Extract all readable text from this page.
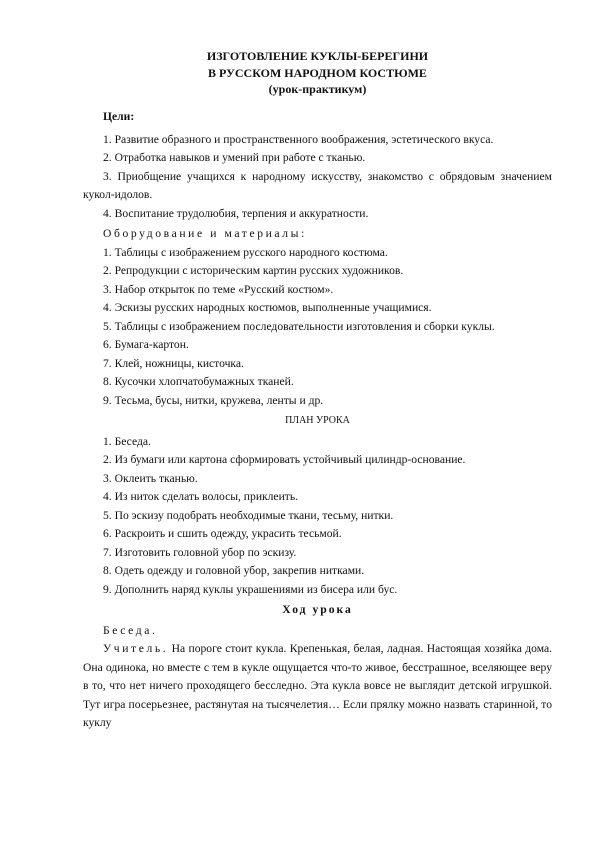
ИЗГОТОВЛЕНИЕ КУКЛЫ-БЕРЕГИНИ
В РУССКОМ НАРОДНОМ КОСТЮМЕ
(урок-практикум)
Цели:
1. Развитие образного и пространственного воображения, эстетического вкуса.
2. Отработка навыков и умений при работе с тканью.
3. Приобщение учащихся к народному искусству, знакомство с обрядовым значением кукол-идолов.
4. Воспитание трудолюбия, терпения и аккуратности.
Оборудование и материалы:
1. Таблицы с изображением русского народного костюма.
2. Репродукции с историческим картин русских художников.
3. Набор открыток по теме «Русский костюм».
4. Эскизы русских народных костюмов, выполненные учащимися.
5. Таблицы с изображением последовательности изготовления и сборки куклы.
6. Бумага-картон.
7. Клей, ножницы, кисточка.
8. Кусочки хлопчатобумажных тканей.
9. Тесьма, бусы, нитки, кружева, ленты и др.
ПЛАН УРОКА
1. Беседа.
2. Из бумаги или картона сформировать устойчивый цилиндр-основание.
3. Оклеить тканью.
4. Из ниток сделать волосы, приклеить.
5. По эскизу подобрать необходимые ткани, тесьму, нитки.
6. Раскроить и сшить одежду, украсить тесьмой.
7. Изготовить головной убор по эскизу.
8. Одеть одежду и головной убор, закрепив нитками.
9. Дополнить наряд куклы украшениями из бисера или бус.
Ход урока
Беседа.
Учитель. На пороге стоит кукла. Крепенькая, белая, ладная. Настоящая хозяйка дома. Она одинока, но вместе с тем в кукле ощущается что-то живое, бесстрашное, вселяющее веру в то, что нет ничего проходящего бесследно. Эта кукла вовсе не выглядит детской игрушкой. Тут игра посерьезнее, растянутая на тысячелетия… Если прялку можно назвать старинной, то куклу
